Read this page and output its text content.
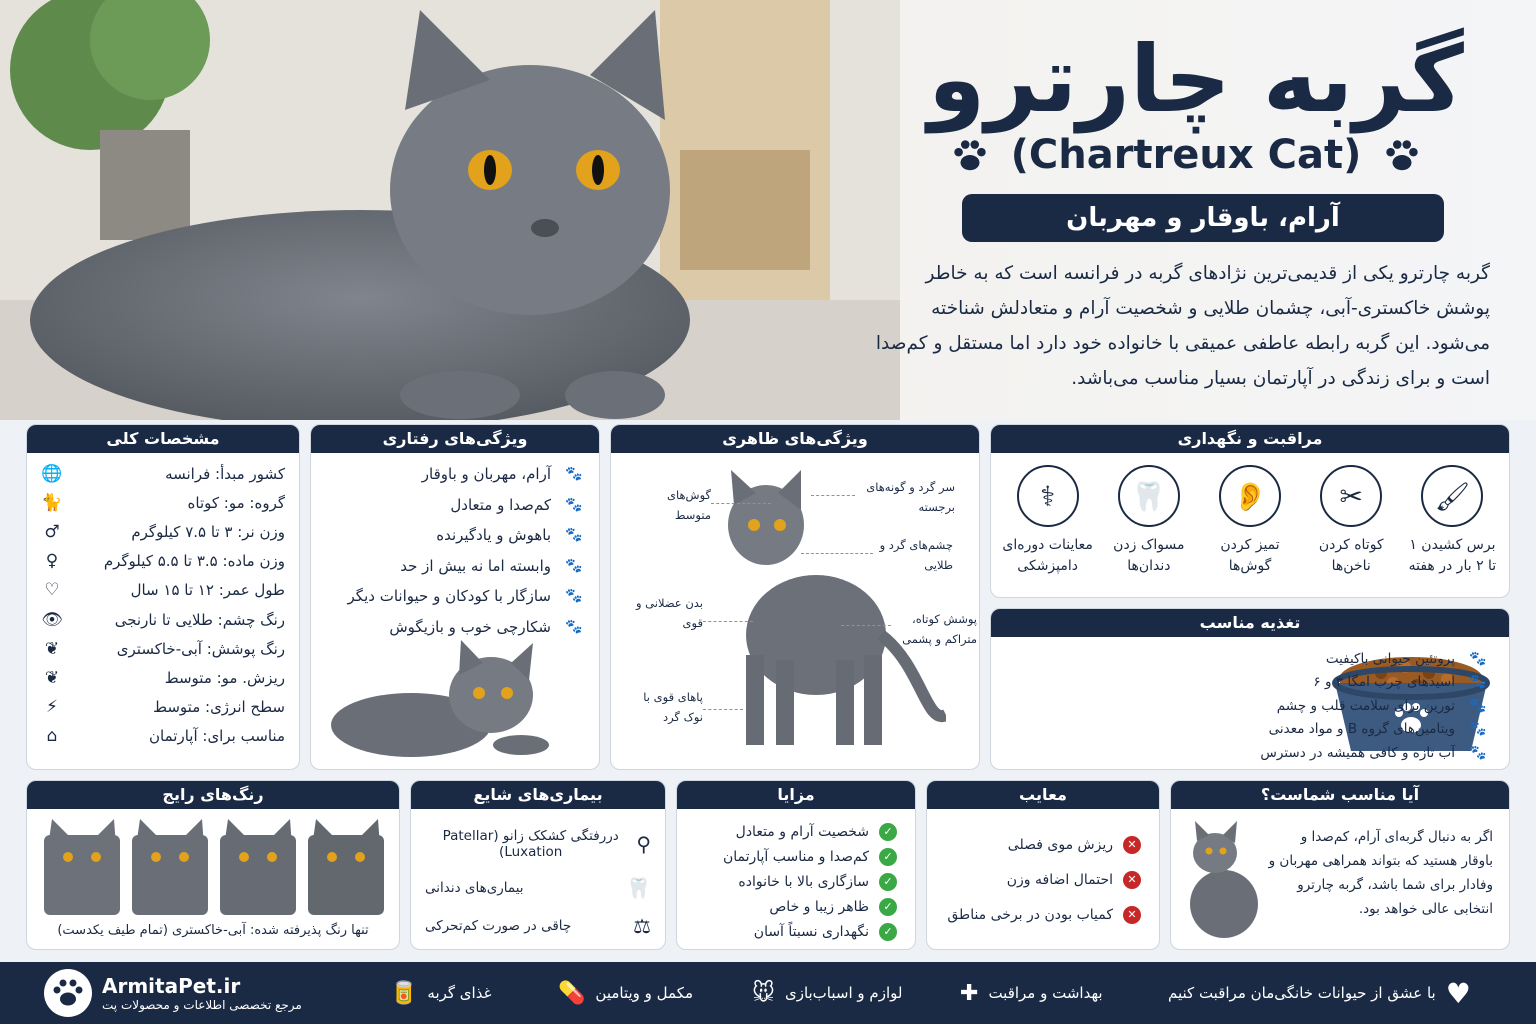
گربه چارترو
(Chartreux Cat)
آرام، باوقار و مهربان
گربه چارترو یکی از قدیمی‌ترین نژادهای گربه در فرانسه است که به خاطر پوشش خاکستری-آبی، چشمان طلایی و شخصیت آرام و متعادلش شناخته می‌شود. این گربه رابطه عاطفی عمیقی با خانواده خود دارد اما مستقل و کم‌صدا است و برای زندگی در آپارتمان بسیار مناسب می‌باشد.
مشخصات کلی
کشور مبدأ: فرانسه
🌐
گروه: مو: کوتاه
🐈
وزن نر: ۳ تا ۷.۵ کیلوگرم
♂
وزن ماده: ۳.۵ تا ۵.۵ کیلوگرم
♀
طول عمر: ۱۲ تا ۱۵ سال
♡
رنگ چشم: طلایی تا نارنجی
👁
رنگ پوشش: آبی-خاکستری
❦
ریزش. مو: متوسط
❦
سطح انرژی: متوسط
⚡
مناسب برای: آپارتمان
⌂
ویژگی‌های رفتاری
🐾
آرام، مهربان و باوقار
🐾
کم‌صدا و متعادل
🐾
باهوش و یادگیرنده
🐾
وابسته اما نه بیش از حد
🐾
سازگار با کودکان و حیوانات دیگر
🐾
شکارچی خوب و بازیگوش
ویژگی‌های ظاهری
گوش‌های متوسط
سر گرد و گونه‌های برجسته
چشم‌های گرد و طلایی
بدن عضلانی و قوی	پوشش کوتاه، متراکم و پشمی
پاهای قوی با نوک گرد
مراقبت و نگهداری
⚕
معاینات دوره‌ای دامپزشکی
🦷
مسواک زدن دندان‌ها
👂
تمیز کردن گوش‌ها
✂
کوتاه کردن ناخن‌ها
🖌
برس کشیدن ۱ تا ۲ بار در هفته
تغذیه مناسب
🐾
پروتئین حیوانی باکیفیت
🐾
اسیدهای چرب امگا ۳ و ۶
🐾
تورین برای سلامت قلب و چشم
🐾
ویتامین‌های گروه B و مواد معدنی
🐾
آب تازه و کافی همیشه در دسترس
رنگ‌های رایج
تنها رنگ پذیرفته شده: آبی-خاکستری (تمام طیف یکدست)
بیماری‌های شایع
⚲
دررفتگی کشکک زانو (Patellar Luxation)
🦷
بیماری‌های دندانی
⚖
چاقی در صورت کم‌تحرکی
مزایا
✓
شخصیت آرام و متعادل
✓
کم‌صدا و مناسب آپارتمان
✓
سازگاری بالا با خانواده
✓
ظاهر زیبا و خاص
✓
نگهداری نسبتاً آسان
معایب
✕
ریزش موی فصلی
✕
احتمال اضافه وزن
✕
کمیاب بودن در برخی مناطق
آیا مناسب شماست؟
اگر به دنبال گربه‌ای آرام، کم‌صدا و باوقار هستید که بتواند همراهی مهربان و وفادار برای شما باشد، گربه چارترو انتخابی عالی خواهد بود.
ArmitaPet.ir
مرجع تخصصی اطلاعات و محصولات پت	🥫 غذای گربه	💊 مکمل و ویتامین	🐭 لوازم و اسباب‌بازی	✚ بهداشت و مراقبت	با عشق از حیوانات خانگی‌مان مراقبت کنیم ♥
